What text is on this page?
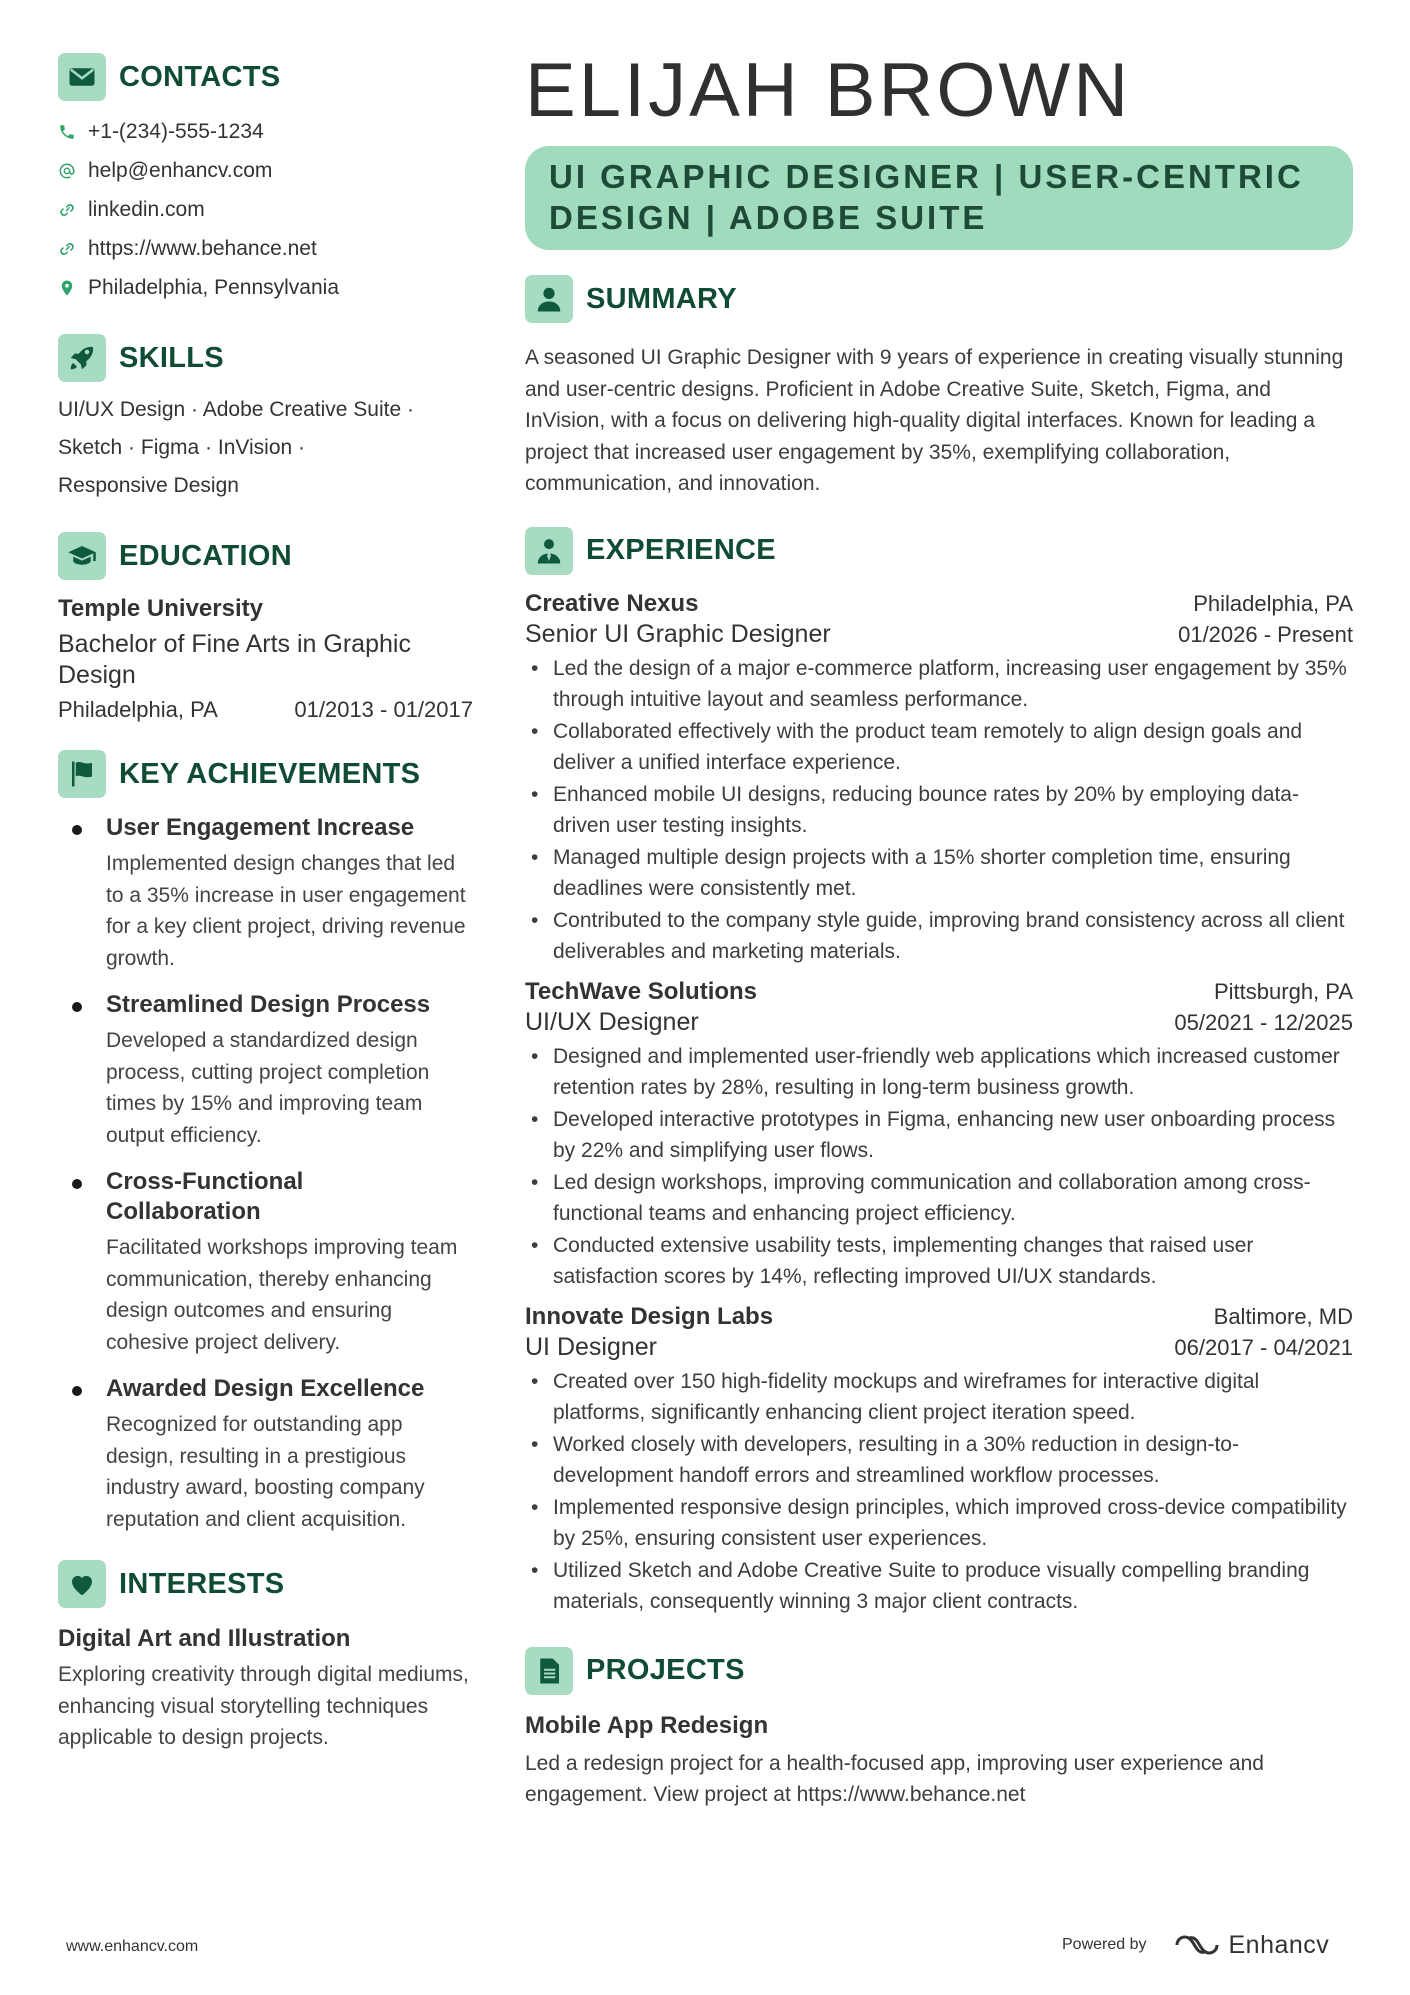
CONTACTS
+1-(234)-555-1234
help@enhancv.com
linkedin.com
https://www.behance.net
Philadelphia, Pennsylvania
SKILLS
UI/UX Design · Adobe Creative Suite ·
Sketch · Figma · InVision ·
Responsive Design
EDUCATION
Temple University
Bachelor of Fine Arts in Graphic Design
Philadelphia, PA	01/2013 - 01/2017
KEY ACHIEVEMENTS
User Engagement Increase
Implemented design changes that led to a 35% increase in user engagement for a key client project, driving revenue growth.
Streamlined Design Process
Developed a standardized design process, cutting project completion times by 15% and improving team output efficiency.
Cross-Functional Collaboration
Facilitated workshops improving team communication, thereby enhancing design outcomes and ensuring cohesive project delivery.
Awarded Design Excellence
Recognized for outstanding app design, resulting in a prestigious industry award, boosting company reputation and client acquisition.
INTERESTS
Digital Art and Illustration
Exploring creativity through digital mediums, enhancing visual storytelling techniques applicable to design projects.
ELIJAH BROWN
UI GRAPHIC DESIGNER | USER-CENTRIC
DESIGN | ADOBE SUITE
SUMMARY
A seasoned UI Graphic Designer with 9 years of experience in creating visually stunning and user-centric designs. Proficient in Adobe Creative Suite, Sketch, Figma, and InVision, with a focus on delivering high-quality digital interfaces. Known for leading a project that increased user engagement by 35%, exemplifying collaboration, communication, and innovation.
EXPERIENCE
Creative Nexus	Philadelphia, PA
Senior UI Graphic Designer	01/2026 - Present
• Led the design of a major e-commerce platform, increasing user engagement by 35% through intuitive layout and seamless performance.
• Collaborated effectively with the product team remotely to align design goals and deliver a unified interface experience.
• Enhanced mobile UI designs, reducing bounce rates by 20% by employing data-driven user testing insights.
• Managed multiple design projects with a 15% shorter completion time, ensuring deadlines were consistently met.
• Contributed to the company style guide, improving brand consistency across all client deliverables and marketing materials.
TechWave Solutions	Pittsburgh, PA
UI/UX Designer	05/2021 - 12/2025
• Designed and implemented user-friendly web applications which increased customer retention rates by 28%, resulting in long-term business growth.
• Developed interactive prototypes in Figma, enhancing new user onboarding process by 22% and simplifying user flows.
• Led design workshops, improving communication and collaboration among cross-functional teams and enhancing project efficiency.
• Conducted extensive usability tests, implementing changes that raised user satisfaction scores by 14%, reflecting improved UI/UX standards.
Innovate Design Labs	Baltimore, MD
UI Designer	06/2017 - 04/2021
• Created over 150 high-fidelity mockups and wireframes for interactive digital platforms, significantly enhancing client project iteration speed.
• Worked closely with developers, resulting in a 30% reduction in design-to-development handoff errors and streamlined workflow processes.
• Implemented responsive design principles, which improved cross-device compatibility by 25%, ensuring consistent user experiences.
• Utilized Sketch and Adobe Creative Suite to produce visually compelling branding materials, consequently winning 3 major client contracts.
PROJECTS
Mobile App Redesign
Led a redesign project for a health-focused app, improving user experience and engagement. View project at https://www.behance.net
www.enhancv.com	Powered by	Enhancv
